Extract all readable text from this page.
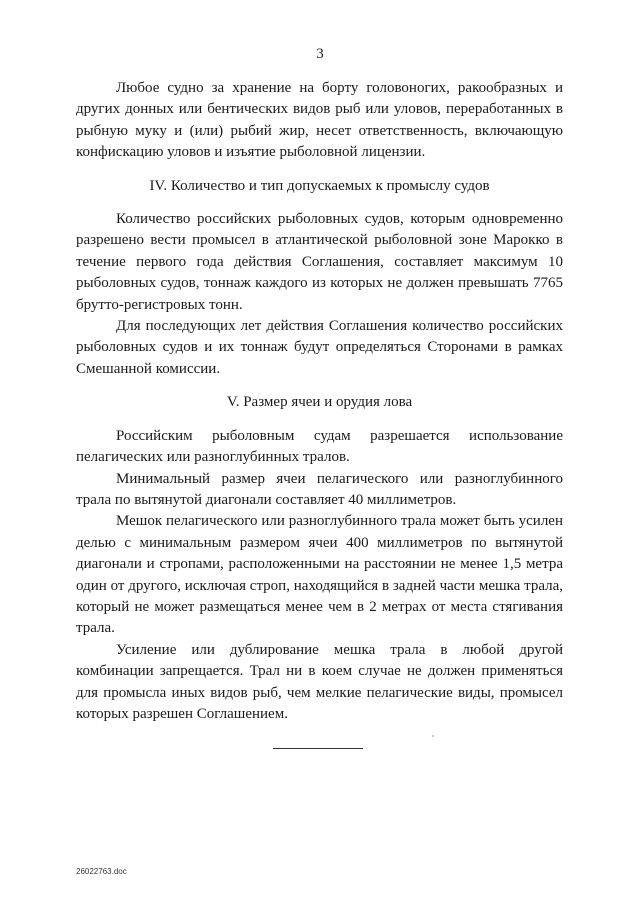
3

Любое судно за хранение на борту головоногих, ракообразных и других донных или бентических видов рыб или уловов, переработанных в рыбную муку и (или) рыбий жир, несет ответственность, включающую конфискацию уловов и изъятие рыболовной лицензии.

IV. Количество и тип допускаемых к промыслу судов

Количество российских рыболовных судов, которым одновременно разрешено вести промысел в атлантической рыболовной зоне Марокко в течение первого года действия Соглашения, составляет максимум 10 рыболовных судов, тоннаж каждого из которых не должен превышать 7765 брутто-регистровых тонн.

Для последующих лет действия Соглашения количество российских рыболовных судов и их тоннаж будут определяться Сторонами в рамках Смешанной комиссии.

V. Размер ячеи и орудия лова

Российским рыболовным судам разрешается использование пелагических или разноглубинных тралов.

Минимальный размер ячеи пелагического или разноглубинного трала по вытянутой диагонали составляет 40 миллиметров.

Мешок пелагического или разноглубинного трала может быть усилен делью с минимальным размером ячеи 400 миллиметров по вытянутой диагонали и стропами, расположенными на расстоянии не менее 1,5 метра один от другого, исключая строп, находящийся в задней части мешка трала, который не может размещаться менее чем в 2 метрах от места стягивания трала.

Усиление или дублирование мешка трала в любой другой комбинации запрещается. Трал ни в коем случае не должен применяться для промысла иных видов рыб, чем мелкие пелагические виды, промысел которых разрешен Соглашением.

26022763.doc
